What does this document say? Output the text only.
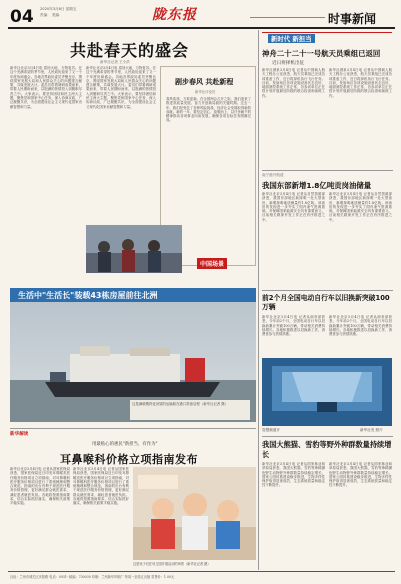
04 2020年3月6日 星期五
责编： 美编：	陇东报	时事新闻
共赴春天的盛会
新华社记者 王小洪
新华社北京3月4日电 春回大地，万物复苏。在这个充满希望的季节里，人民政协迎来了又一个年度协商盛会。各地各界政协委员齐聚北京，围绕国家发展大局和人民群众关心的问题建言献策，共谋发展大计。委员们带着调研成果而来，带着人民期盼而来，以饱满的热情投入到履职尽责之中。大家表示，要坚持团结和民主两大主题，聚焦党和国家中心任务，深入协商议政，广泛凝聚共识，为全面建设社会主义现代化国家贡献智慧和力量。
新华社北京3月4日电 春回大地，万物复苏。在这个充满希望的季节里，人民政协迎来了又一个年度协商盛会。各地各界政协委员齐聚北京，围绕国家发展大局和人民群众关心的问题建言献策，共谋发展大计。委员们带着调研成果而来，带着人民期盼而来，以饱满的热情投入到履职尽责之中。大家表示，要坚持团结和民主两大主题，聚焦党和国家中心任务，深入协商议政，广泛凝聚共识，为全面建设社会主义现代化国家贡献智慧和力量。
剧步春风 共赴新程
新华社评论员
春风浩荡，万象更新。在全国两会召开之际，我们迎来了推进高质量发展、奋力开创新局面的关键时期。过去一年，我们经受住了各种风险挑战，经济社会发展取得新的成就。新的一年，要坚定信心、迎难而上，以只争朝夕的精神推动各项事业向前发展，确保各项目标任务圆满完成。
中国场景
生活中"生活长"装载43栋房屋前往北洲
这是满载模块化房屋的运输船在港口准备启程（新华社记者 摄）
新时代 新担当
神舟二十二十一号航天员乘组已返回
近日将择机出征
新华社酒泉3月4日电 记者从中国载人航天工程办公室获悉，航天员乘组已完成各项准备工作，近日将择机执行飞行任务。目前，发射场区各项设施设备状态良好，地面测控系统工作正常，各参试单位正在按计划开展最后阶段的联合检查和演练工作。
新华社酒泉3月4日电 记者从中国载人航天工程办公室获悉，航天员乘组已完成各项准备工作，近日将择机执行飞行任务。目前，发射场区各项设施设备状态良好，地面测控系统工作正常，各参试单位正在按计划开展最后阶段的联合检查和演练工作。
南宁港开航道
我国东部新增1.8亿吨贡岗油储量
新华社北京3月4日电 记者从自然资源部获悉，我国东部地区新探明一处大型油田，新增探明地质储量约1.8亿吨。该油田的发现进一步夯实了国内油气资源基础，对保障国家能源安全具有重要意义。目前相关勘探开发工作正在有序推进之中。
新华社北京3月4日电 记者从自然资源部获悉，我国东部地区新探明一处大型油田，新增探明地质储量约1.8亿吨。该油田的发现进一步夯实了国内油气资源基础，对保障国家能源安全具有重要意义。目前相关勘探开发工作正在有序推进之中。
前2个月全国电动自行车以旧换新突破100万辆
新华社北京3月4日电 记者从商务部获悉，今年前2个月，全国电动自行车以旧换新累计突破100万辆，带动相关消费持续增长。各地积极推进以旧换新工作，消费者参与热情高涨。
新华社北京3月4日电 记者从商务部获悉，今年前2个月，全国电动自行车以旧换新累计突破100万辆，带动相关消费持续增长。各地积极推进以旧换新工作，消费者参与热情高涨。
智慧频道开	新华社发 照片
我国大熊猫、雪豹等野外种群数量持续增长
新华社北京3月4日电 记者从国家林业和草原局获悉，我国大熊猫、雪豹等珍稀濒危野生动物野外种群数量持续稳定增长。国家公园体系建设稳步推进，生物多样性保护取得显著成效，生态系统质量和稳定性不断提升。
新华社北京3月4日电 记者从国家林业和草原局获悉，我国大熊猫、雪豹等珍稀濒危野生动物野外种群数量持续稳定增长。国家公园体系建设稳步推进，生物多样性保护取得显著成效，生态系统质量和稳定性不断提升。
新华解读
用最贴心的惠民"新担当、有作为"
耳鼻喉科价格立项指南发布
新华社北京3月4日电 记者从国家医保局获悉，国家医保局近日印发耳鼻喉类医疗服务价格项目立项指南，对耳鼻喉科医疗服务价格项目进行了系统梳理和整合规范。指南的出台有利于规范医疗服务价格管理，更好满足群众就医需求，减轻患者就医负担。各地将按照指南要求，结合实际抓好落实，确保相关政策平稳实施。
新华社北京3月4日电 记者从国家医保局获悉，国家医保局近日印发耳鼻喉类医疗服务价格项目立项指南，对耳鼻喉科医疗服务价格项目进行了系统梳理和整合规范。指南的出台有利于规范医疗服务价格管理，更好满足群众就医需求，减轻患者就医负担。各地将按照指南要求，结合实际抓好落实，确保相关政策平稳实施。
这是孩子们在幼儿园开展活动的场景（新华社记者 摄）
社址：兰州市城关区庆阳路 电话：0931- 邮编：730030 印刷：兰州新华印刷厂 每周一至周五出版 零售价：1.00元
